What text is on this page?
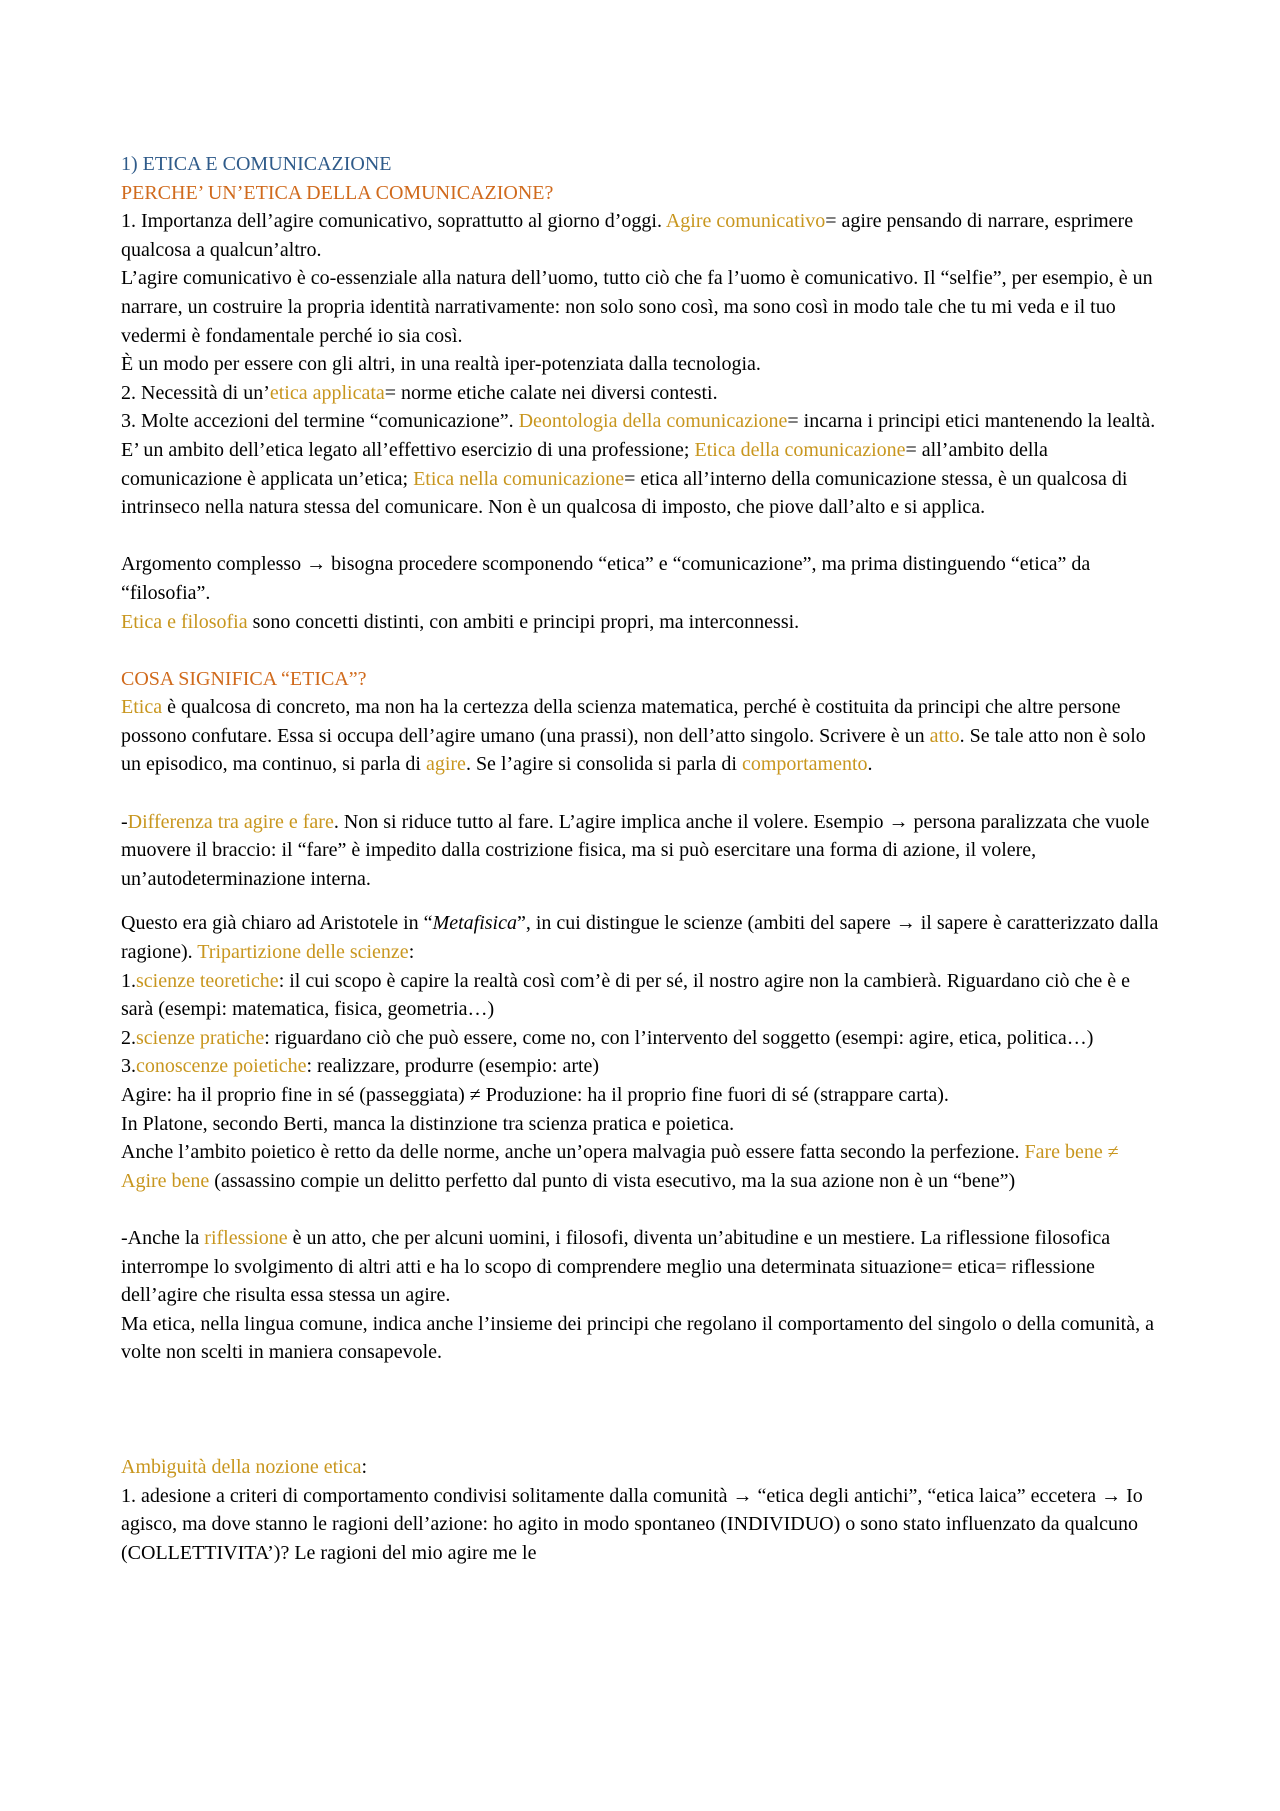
1) ETICA E COMUNICAZIONE

PERCHE’ UN’ETICA DELLA COMUNICAZIONE?

1. Importanza dell’agire comunicativo, soprattutto al giorno d’oggi. Agire comunicativo= agire pensando di narrare, esprimere qualcosa a qualcun’altro.

L’agire comunicativo è co-essenziale alla natura dell’uomo, tutto ciò che fa l’uomo è comunicativo. Il “selfie”, per esempio, è un narrare, un costruire la propria identità narrativamente: non solo sono così, ma sono così in modo tale che tu mi veda e il tuo vedermi è fondamentale perché io sia così.

È un modo per essere con gli altri, in una realtà iper-potenziata dalla tecnologia.

2. Necessità di un’etica applicata= norme etiche calate nei diversi contesti.

3. Molte accezioni del termine “comunicazione”. Deontologia della comunicazione= incarna i principi etici mantenendo la lealtà. E’ un ambito dell’etica legato all’effettivo esercizio di una professione; Etica della comunicazione= all’ambito della comunicazione è applicata un’etica; Etica nella comunicazione= etica all’interno della comunicazione stessa, è un qualcosa di intrinseco nella natura stessa del comunicare. Non è un qualcosa di imposto, che piove dall’alto e si applica.

Argomento complesso → bisogna procedere scomponendo “etica” e “comunicazione”, ma prima distinguendo “etica” da “filosofia”.

Etica e filosofia sono concetti distinti, con ambiti e principi propri, ma interconnessi.

COSA SIGNIFICA “ETICA”?

Etica è qualcosa di concreto, ma non ha la certezza della scienza matematica, perché è costituita da principi che altre persone possono confutare. Essa si occupa dell’agire umano (una prassi), non dell’atto singolo. Scrivere è un atto. Se tale atto non è solo un episodico, ma continuo, si parla di agire. Se l’agire si consolida si parla di comportamento.

-Differenza tra agire e fare. Non si riduce tutto al fare. L’agire implica anche il volere. Esempio → persona paralizzata che vuole muovere il braccio: il “fare” è impedito dalla costrizione fisica, ma si può esercitare una forma di azione, il volere, un’autodeterminazione interna.

Questo era già chiaro ad Aristotele in “Metafisica”, in cui distingue le scienze (ambiti del sapere → il sapere è caratterizzato dalla ragione). Tripartizione delle scienze:

1.scienze teoretiche: il cui scopo è capire la realtà così com’è di per sé, il nostro agire non la cambierà. Riguardano ciò che è e sarà (esempi: matematica, fisica, geometria…)

2.scienze pratiche: riguardano ciò che può essere, come no, con l’intervento del soggetto (esempi: agire, etica, politica…)

3.conoscenze poietiche: realizzare, produrre (esempio: arte)

Agire: ha il proprio fine in sé (passeggiata) ≠ Produzione: ha il proprio fine fuori di sé (strappare carta).

In Platone, secondo Berti, manca la distinzione tra scienza pratica e poietica.

Anche l’ambito poietico è retto da delle norme, anche un’opera malvagia può essere fatta secondo la perfezione. Fare bene ≠ Agire bene (assassino compie un delitto perfetto dal punto di vista esecutivo, ma la sua azione non è un “bene”)

-Anche la riflessione è un atto, che per alcuni uomini, i filosofi, diventa un’abitudine e un mestiere. La riflessione filosofica interrompe lo svolgimento di altri atti e ha lo scopo di comprendere meglio una determinata situazione= etica= riflessione dell’agire che risulta essa stessa un agire.

Ma etica, nella lingua comune, indica anche l’insieme dei principi che regolano il comportamento del singolo o della comunità, a volte non scelti in maniera consapevole.

Ambiguità della nozione etica:

1. adesione a criteri di comportamento condivisi solitamente dalla comunità → “etica degli antichi”, “etica laica” eccetera → Io agisco, ma dove stanno le ragioni dell’azione: ho agito in modo spontaneo (INDIVIDUO) o sono stato influenzato da qualcuno (COLLETTIVITA’)? Le ragioni del mio agire me le
